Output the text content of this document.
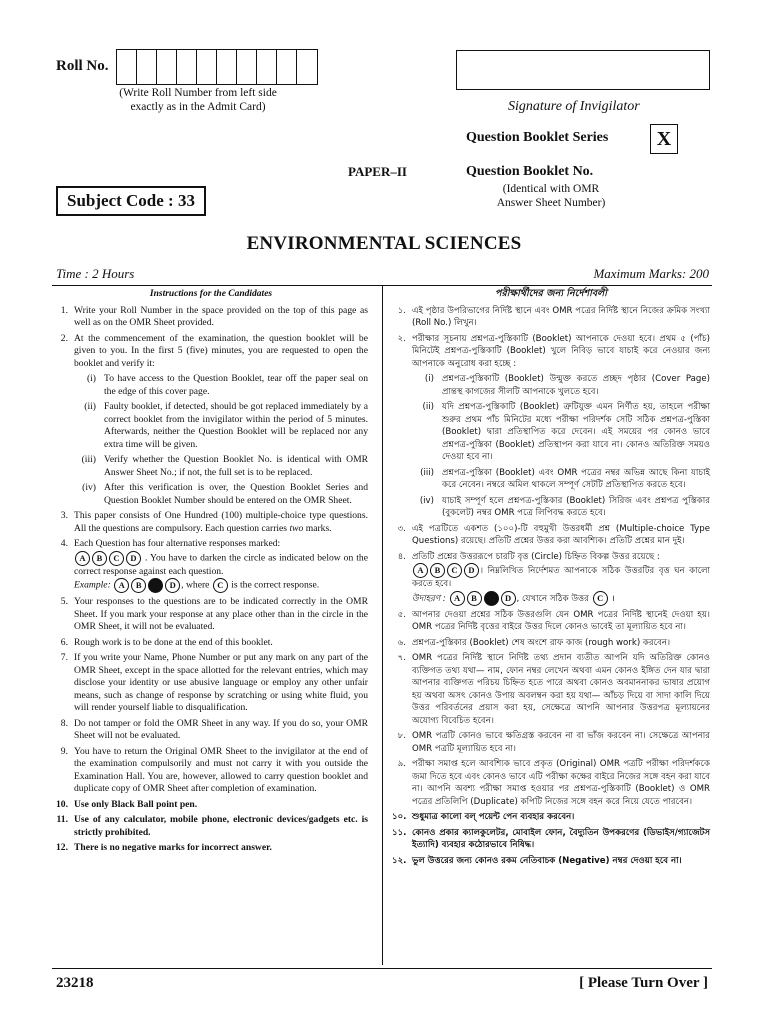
Roll No.
(Write Roll Number from left side
exactly as in the Admit Card)	Signature of Invigilator
Question Booklet Series	X
PAPER–II	Question Booklet No.
(Identical with OMR
Answer Sheet Number)
Subject Code : 33
ENVIRONMENTAL SCIENCES
Time : 2 Hours	Maximum Marks: 200
Instructions for the Candidates
1. Write your Roll Number in the space provided on the top of this page as well as on the OMR Sheet provided.
2. At the commencement of the examination, the question booklet will be given to you. In the first 5 (five) minutes, you are requested to open the booklet and verify it:
(i) To have access to the Question Booklet, tear off the paper seal on the edge of this cover page.
(ii) Faulty booklet, if detected, should be got replaced immediately by a correct booklet from the invigilator within the period of 5 minutes. Afterwards, neither the Question Booklet will be replaced nor any extra time will be given.
(iii) Verify whether the Question Booklet No. is identical with OMR Answer Sheet No.; if not, the full set is to be replaced.
(iv) After this verification is over, the Question Booklet Series and Question Booklet Number should be entered on the OMR Sheet.
3. This paper consists of One Hundred (100) multiple-choice type questions. All the questions are compulsory. Each question carries two marks.
4. Each Question has four alternative responses marked:
A B C D . You have to darken the circle as indicated below on the correct response against each question.
Example: A B	D , where C is the correct response.
5. Your responses to the questions are to be indicated correctly in the OMR Sheet. If you mark your response at any place other than in the circle in the OMR Sheet, it will not be evaluated.
6. Rough work is to be done at the end of this booklet.
7. If you write your Name, Phone Number or put any mark on any part of the OMR Sheet, except in the space allotted for the relevant entries, which may disclose your identity or use abusive language or employ any other unfair means, such as change of response by scratching or using white fluid, you will render yourself liable to disqualification.
8. Do not tamper or fold the OMR Sheet in any way. If you do so, your OMR Sheet will not be evaluated.
9. You have to return the Original OMR Sheet to the invigilator at the end of the examination compulsorily and must not carry it with you outside the Examination Hall. You are, however, allowed to carry question booklet and duplicate copy of OMR Sheet after completion of examination.
10. Use only Black Ball point pen.
11. Use of any calculator, mobile phone, electronic devices/gadgets etc. is strictly prohibited.
12. There is no negative marks for incorrect answer.
পরীক্ষার্থীদের জন্য নির্দেশাবলী
১. এই পৃষ্ঠার উপরিভাগের নির্দিষ্ট স্থানে এবং OMR পত্রের নির্দিষ্ট স্থানে নিজের ক্রমিক সংখ্যা (Roll No.) লিখুন।
২. পরীক্ষার সূচনায় প্রশ্নপত্র-পুস্তিকাটি (Booklet) আপনাকে দেওয়া হবে। প্রথম ৫ (পাঁচ) মিনিটেই প্রশ্নপত্র-পুস্তিকাটি (Booklet) খুলে নিবিড় ভাবে যাচাই করে নেওয়ার জন্য আপনাকে অনুরোধ করা হচ্ছে :
(i) প্রশ্নপত্র-পুস্তিকাটি (Booklet) উন্মুক্ত করতে প্রচ্ছদ পৃষ্ঠার (Cover Page) প্রান্তস্থ কাগজের সীলটি আপনাকে খুলতে হবে।
(ii) যদি প্রশ্নপত্র-পুস্তিকাটি (Booklet) ত্রুটিযুক্ত এমন নির্ণীত হয়, তাহলে পরীক্ষা শুরুর প্রথম পাঁচ মিনিটের মধ্যে পরীক্ষা পরিদর্শক সেটি সঠিক প্রশ্নপত্র-পুস্তিকা (Booklet) দ্বারা প্রতিস্থাপিত করে দেবেন। এই সময়ের পর কোনও ভাবে প্রশ্নপত্র-পুস্তিকা (Booklet) প্রতিস্থাপন করা যাবে না। কোনও অতিরিক্ত সময়ও দেওয়া হবে না।
(iii) প্রশ্নপত্র-পুস্তিকা (Booklet) এবং OMR পত্রের নম্বর অভিন্ন আছে কিনা যাচাই করে নেবেন। নম্বরে অমিল থাকলে সম্পূর্ণ সেটটি প্রতিস্থাপিত করতে হবে।
(iv) যাচাই সম্পূর্ণ হলে প্রশ্নপত্র-পুস্তিকার (Booklet) সিরিজ এবং প্রশ্নপত্র পুস্তিকার (বুকলেট) নম্বর OMR পত্রে লিপিবদ্ধ করতে হবে।
৩. এই পত্রটিতে একশত (১০০)-টি বহুমুখী উত্তরধর্মী প্রশ্ন (Multiple-choice Type Questions) রয়েছে। প্রতিটি প্রশ্নের উত্তর করা আবশ্যিক। প্রতিটি প্রশ্নের মান দুই।
৪. প্রতিটি প্রশ্নের উত্তররূপে চারটি বৃত্ত (Circle) চিহ্নিত বিকল্প উত্তর রয়েছে :
A B C D । নিম্নলিখিত নির্দেশমত আপনাকে সঠিক উত্তরটির বৃত্ত ঘন কালো করতে হবে।
উদাহরণ : A B	D , যেখানে সঠিক উত্তর C ।
৫. আপনার দেওয়া প্রশ্নের সঠিক উত্তরগুলি যেন OMR পত্রের নির্দিষ্ট স্থানেই দেওয়া হয়। OMR পত্রের নির্দিষ্ট বৃত্তের বাইরে উত্তর দিলে কোনও ভাবেই তা মূল্যায়িত হবে না।
৬. প্রশ্নপত্র-পুস্তিকার (Booklet) শেষ অংশে রাফ কাজ (rough work) করবেন।
৭. OMR পত্রের নির্দিষ্ট স্থানে নির্দিষ্ট তথ্য প্রদান ব্যতীত আপনি যদি অতিরিক্ত কোনও ব্যক্তিগত তথ্য যথা— নাম, ফোন নম্বর লেখেন অথবা এমন কোনও ইঙ্গিত দেন যার দ্বারা আপনার ব্যক্তিগত পরিচয় চিহ্নিত হতে পারে অথবা কোনও অবমাননাকর ভাষার প্রয়োগ হয় অথবা অসৎ কোনও উপায় অবলম্বন করা হয় যথা— আঁচড় দিয়ে বা সাদা কালি দিয়ে উত্তর পরিবর্তনের প্রয়াস করা হয়, সেক্ষেত্রে আপনি আপনার উত্তরপত্র মূল্যায়নের অযোগ্য বিবেচিত হবেন।
৮. OMR পত্রটি কোনও ভাবে ক্ষতিগ্রস্ত করবেন না বা ভাঁজ করবেন না। সেক্ষেত্রে আপনার OMR পত্রটি মূল্যায়িত হবে না।
৯. পরীক্ষা সমাপ্ত হলে আবশ্যিক ভাবে প্রকৃত (Original) OMR পত্রটি পরীক্ষা পরিদর্শককে জমা দিতে হবে এবং কোনও ভাবে এটি পরীক্ষা কক্ষের বাইরে নিজের সঙ্গে বহন করা যাবে না। আপনি অবশ্য পরীক্ষা সমাপ্ত হওয়ার পর প্রশ্নপত্র-পুস্তিকাটি (Booklet) ও OMR পত্রের প্রতিলিপি (Duplicate) কপিটি নিজের সঙ্গে বহন করে নিয়ে যেতে পারবেন।
১০. শুধুমাত্র কালো বল্ পয়েন্ট পেন ব্যবহার করবেন।
১১. কোনও প্রকার ক্যালকুলেটর, মোবাইল ফোন, বৈদ্যুতিন উপকরণের (ডিভাইস/গ্যাজেটস ইত্যাদি) ব্যবহার কঠোরভাবে নিষিদ্ধ।
১২. ভুল উত্তরের জন্য কোনও রকম নেতিবাচক (Negative) নম্বর দেওয়া হবে না।
23218	[ Please Turn Over ]
